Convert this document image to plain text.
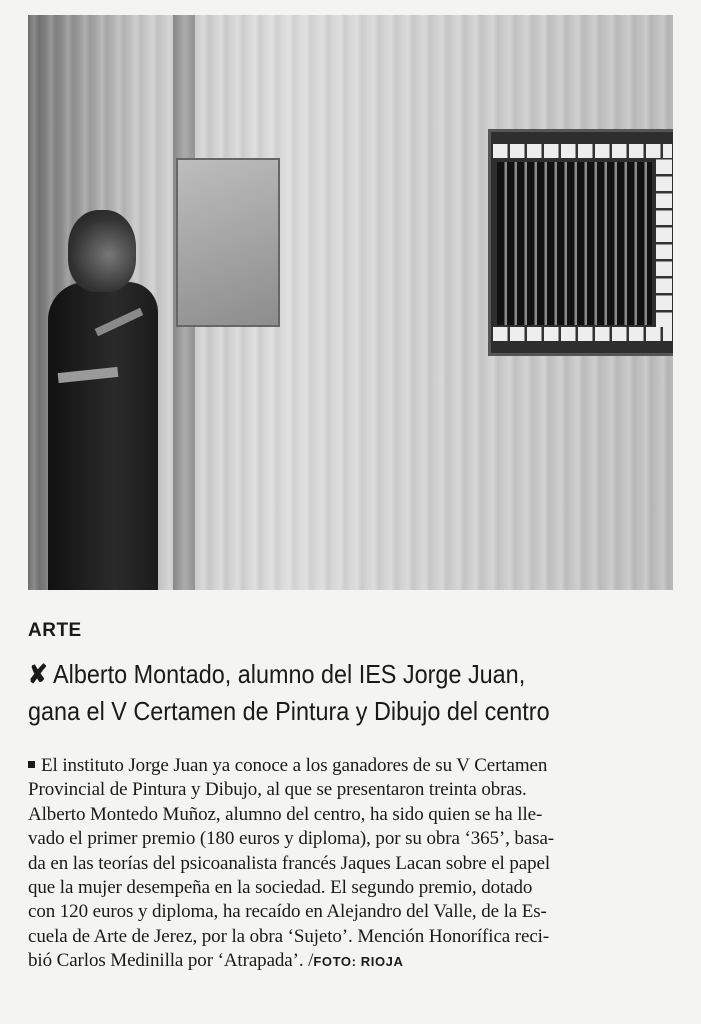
ARTE
✘ Alberto Montado, alumno del IES Jorge Juan,
gana el V Certamen de Pintura y Dibujo del centro
El instituto Jorge Juan ya conoce a los ganadores de su V Certamen
Provincial de Pintura y Dibujo, al que se presentaron treinta obras.
Alberto Montedo Muñoz, alumno del centro, ha sido quien se ha lle-
vado el primer premio (180 euros y diploma), por su obra ‘365’, basa-
da en las teorías del psicoanalista francés Jaques Lacan sobre el papel
que la mujer desempeña en la sociedad. El segundo premio, dotado
con 120 euros y diploma, ha recaído en Alejandro del Valle, de la Es-
cuela de Arte de Jerez, por la obra ‘Sujeto’. Mención Honorífica reci-
bió Carlos Medinilla por ‘Atrapada’. /FOTO: RIOJA
